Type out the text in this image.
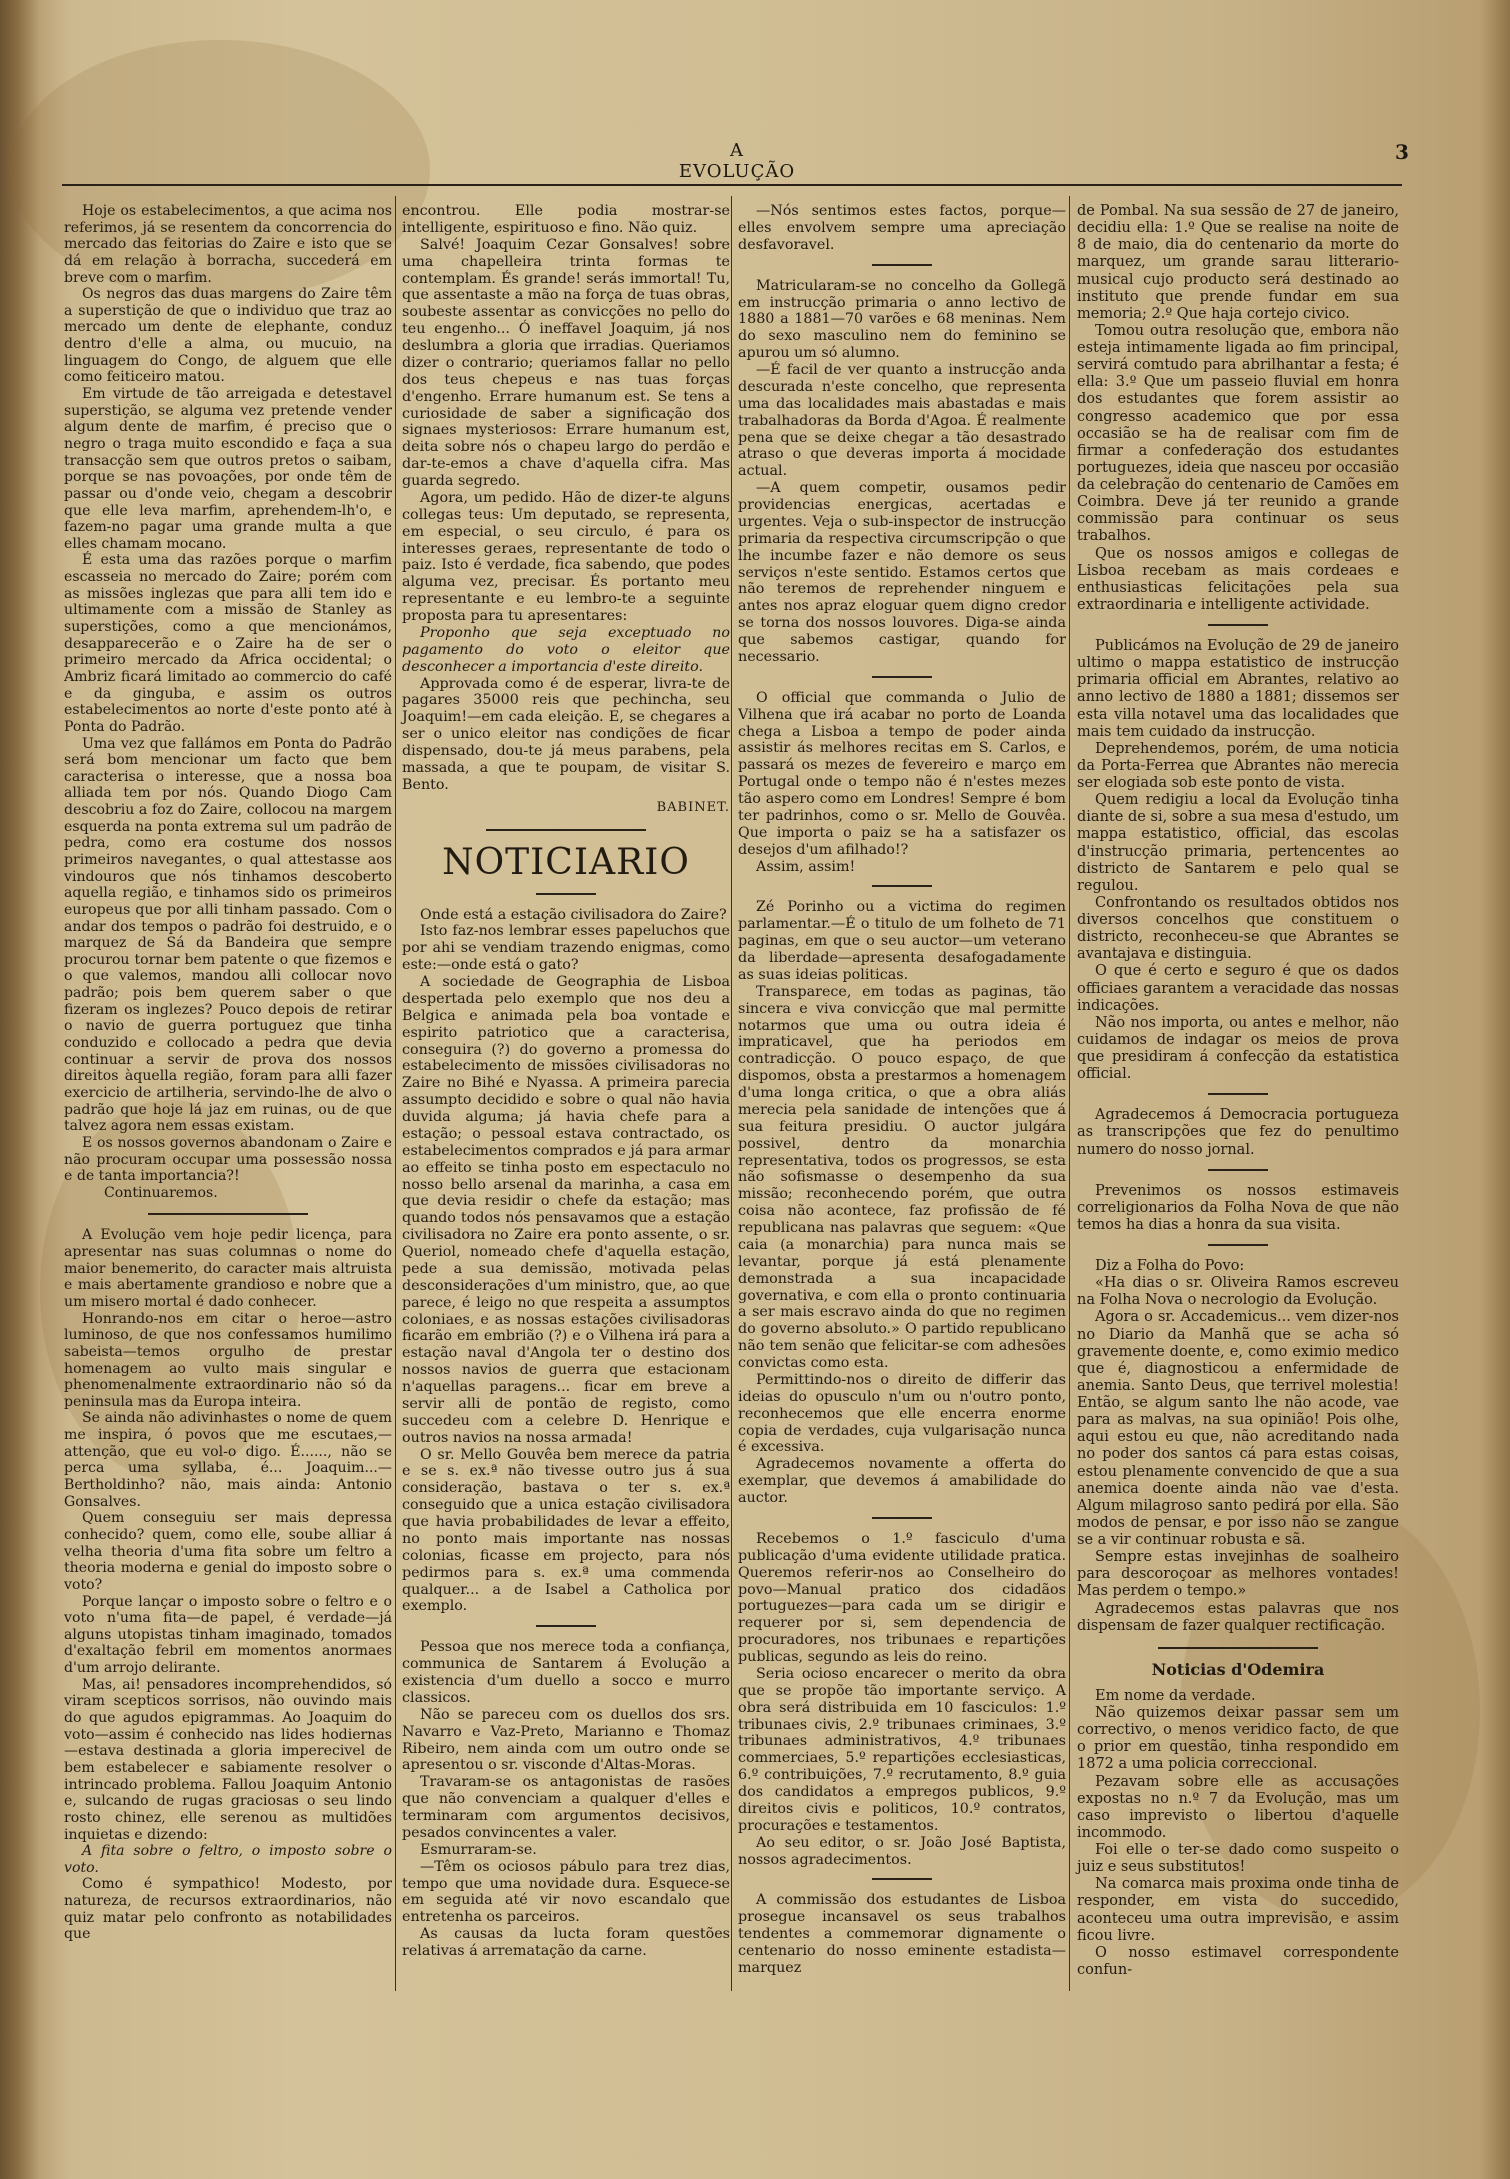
A EVOLUÇÃO
3

Hoje os estabelecimentos, a que acima nos referimos, já se resentem da concorrencia do mercado das feitorias do Zaire e isto que se dá em relação à borracha, succederá em breve com o marfim.

Os negros das duas margens do Zaire têm a superstição de que o individuo que traz ao mercado um dente de elephante, conduz dentro d'elle a alma, ou mucuio, na linguagem do Congo, de alguem que elle como feiticeiro matou.

Em virtude de tão arreigada e detestavel superstição, se alguma vez pretende vender algum dente de marfim, é preciso que o negro o traga muito escondido e faça a sua transacção sem que outros pretos o saibam, porque se nas povoações, por onde têm de passar ou d'onde veio, chegam a descobrir que elle leva marfim, aprehendem-lh'o, e fazem-no pagar uma grande multa a que elles chamam mocano.

É esta uma das razões porque o marfim escasseia no mercado do Zaire; porém com as missões inglezas que para alli tem ido e ultimamente com a missão de Stanley as superstições, como a que mencionámos, desapparecerão e o Zaire ha de ser o primeiro mercado da Africa occidental; o Ambriz ficará limitado ao commercio do café e da ginguba, e assim os outros estabelecimentos ao norte d'este ponto até à Ponta do Padrão.

Uma vez que fallámos em Ponta do Padrão será bom mencionar um facto que bem caracterisa o interesse, que a nossa boa alliada tem por nós. Quando Diogo Cam descobriu a foz do Zaire, collocou na margem esquerda na ponta extrema sul um padrão de pedra, como era costume dos nossos primeiros navegantes, o qual attestasse aos vindouros que nós tinhamos descoberto aquella região, e tinhamos sido os primeiros europeus que por alli tinham passado. Com o andar dos tempos o padrão foi destruido, e o marquez de Sá da Bandeira que sempre procurou tornar bem patente o que fizemos e o que valemos, mandou alli collocar novo padrão; pois bem querem saber o que fizeram os inglezes? Pouco depois de retirar o navio de guerra portuguez que tinha conduzido e collocado a pedra que devia continuar a servir de prova dos nossos direitos àquella região, foram para alli fazer exercicio de artilheria, servindo-lhe de alvo o padrão que hoje lá jaz em ruinas, ou de que talvez agora nem essas existam.

E os nossos governos abandonam o Zaire e não procuram occupar uma possessão nossa e de tanta importancia?!

Continuaremos.

A Evolução vem hoje pedir licença, para apresentar nas suas columnas o nome do maior benemerito, do caracter mais altruista e mais abertamente grandioso e nobre que a um misero mortal é dado conhecer.

Honrando-nos em citar o heroe—astro luminoso, de que nos confessamos humilimo sabeista—temos orgulho de prestar homenagem ao vulto mais singular e phenomenalmente extraordinario não só da peninsula mas da Europa inteira.

Se ainda não adivinhastes o nome de quem me inspira, ó povos que me escutaes,—attenção, que eu vol-o digo. É......, não se perca uma syllaba, é... Joaquim...—Bertholdinho? não, mais ainda: Antonio Gonsalves.

Quem conseguiu ser mais depressa conhecido? quem, como elle, soube alliar á velha theoria d'uma fita sobre um feltro a theoria moderna e genial do imposto sobre o voto?

Porque lançar o imposto sobre o feltro e o voto n'uma fita—de papel, é verdade—já alguns utopistas tinham imaginado, tomados d'exaltação febril em momentos anormaes d'um arrojo delirante.

Mas, ai! pensadores incomprehendidos, só viram scepticos sorrisos, não ouvindo mais do que agudos epigrammas. Ao Joaquim do voto—assim é conhecido nas lides hodiernas—estava destinada a gloria imperecivel de bem estabelecer e sabiamente resolver o intrincado problema. Fallou Joaquim Antonio e, sulcando de rugas graciosas o seu lindo rosto chinez, elle serenou as multidões inquietas e dizendo:

A fita sobre o feltro, o imposto sobre o voto.

Como é sympathico! Modesto, por natureza, de recursos extraordinarios, não quiz matar pelo confronto as notabilidades que

encontrou. Elle podia mostrar-se intelligente, espirituoso e fino. Não quiz.

Salvé! Joaquim Cezar Gonsalves! sobre uma chapelleira trinta formas te contemplam. És grande! serás immortal! Tu, que assentaste a mão na força de tuas obras, soubeste assentar as convicções no pello do teu engenho... Ó ineffavel Joaquim, já nos deslumbra a gloria que irradias. Queriamos dizer o contrario; queriamos fallar no pello dos teus chepeus e nas tuas forças d'engenho. Errare humanum est. Se tens a curiosidade de saber a significação dos signaes mysteriosos: Errare humanum est, deita sobre nós o chapeu largo do perdão e dar-te-emos a chave d'aquella cifra. Mas guarda segredo.

Agora, um pedido. Hão de dizer-te alguns collegas teus: Um deputado, se representa, em especial, o seu circulo, é para os interesses geraes, representante de todo o paiz. Isto é verdade, fica sabendo, que podes alguma vez, precisar. És portanto meu representante e eu lembro-te a seguinte proposta para tu apresentares:

Proponho que seja exceptuado no pagamento do voto o eleitor que desconhecer a importancia d'este direito.

Approvada como é de esperar, livra-te de pagares 35000 reis que pechincha, seu Joaquim!—em cada eleição. E, se chegares a ser o unico eleitor nas condições de ficar dispensado, dou-te já meus parabens, pela massada, a que te poupam, de visitar S. Bento.

BABINET.
NOTICIARIO

Onde está a estação civilisadora do Zaire?

Isto faz-nos lembrar esses papeluchos que por ahi se vendiam trazendo enigmas, como este:—onde está o gato?

A sociedade de Geographia de Lisboa despertada pelo exemplo que nos deu a Belgica e animada pela boa vontade e espirito patriotico que a caracterisa, conseguira (?) do governo a promessa do estabelecimento de missões civilisadoras no Zaire no Bihé e Nyassa. A primeira parecia assumpto decidido e sobre o qual não havia duvida alguma; já havia chefe para a estação; o pessoal estava contractado, os estabelecimentos comprados e já para armar ao effeito se tinha posto em espectaculo no nosso bello arsenal da marinha, a casa em que devia residir o chefe da estação; mas quando todos nós pensavamos que a estação civilisadora no Zaire era ponto assente, o sr. Queriol, nomeado chefe d'aquella estação, pede a sua demissão, motivada pelas desconsiderações d'um ministro, que, ao que parece, é leigo no que respeita a assumptos coloniaes, e as nossas estações civilisadoras ficarão em embrião (?) e o Vilhena irá para a estação naval d'Angola ter o destino dos nossos navios de guerra que estacionam n'aquellas paragens... ficar em breve a servir alli de pontão de registo, como succedeu com a celebre D. Henrique e outros navios na nossa armada!

O sr. Mello Gouvêa bem merece da patria e se s. ex.ª não tivesse outro jus á sua consideração, bastava o ter s. ex.ª conseguido que a unica estação civilisadora que havia probabilidades de levar a effeito, no ponto mais importante nas nossas colonias, ficasse em projecto, para nós pedirmos para s. ex.ª uma commenda qualquer... a de Isabel a Catholica por exemplo.

Pessoa que nos merece toda a confiança, communica de Santarem á Evolução a existencia d'um duello a socco e murro classicos.

Não se pareceu com os duellos dos srs. Navarro e Vaz-Preto, Marianno e Thomaz Ribeiro, nem ainda com um outro onde se apresentou o sr. visconde d'Altas-Moras.

Travaram-se os antagonistas de rasões que não convenciam a qualquer d'elles e terminaram com argumentos decisivos, pesados convincentes a valer.

Esmurraram-se.

—Têm os ociosos pábulo para trez dias, tempo que uma novidade dura. Esquece-se em seguida até vir novo escandalo que entretenha os parceiros.

As causas da lucta foram questões relativas á arrematação da carne.

—Nós sentimos estes factos, porque—elles envolvem sempre uma apreciação desfavoravel.

Matricularam-se no concelho da Gollegã em instrucção primaria o anno lectivo de 1880 a 1881—70 varões e 68 meninas. Nem do sexo masculino nem do feminino se apurou um só alumno.

—É facil de ver quanto a instrucção anda descurada n'este concelho, que representa uma das localidades mais abastadas e mais trabalhadoras da Borda d'Agoa. É realmente pena que se deixe chegar a tão desastrado atraso o que deveras importa á mocidade actual.

—A quem competir, ousamos pedir providencias energicas, acertadas e urgentes. Veja o sub-inspector de instrucção primaria da respectiva circumscripção o que lhe incumbe fazer e não demore os seus serviços n'este sentido. Estamos certos que não teremos de reprehender ninguem e antes nos apraz eloguar quem digno credor se torna dos nossos louvores. Diga-se ainda que sabemos castigar, quando for necessario.

O official que commanda o Julio de Vilhena que irá acabar no porto de Loanda chega a Lisboa a tempo de poder ainda assistir ás melhores recitas em S. Carlos, e passará os mezes de fevereiro e março em Portugal onde o tempo não é n'estes mezes tão aspero como em Londres! Sempre é bom ter padrinhos, como o sr. Mello de Gouvêa. Que importa o paiz se ha a satisfazer os desejos d'um afilhado!?

Assim, assim!

Zé Porinho ou a victima do regimen parlamentar.—É o titulo de um folheto de 71 paginas, em que o seu auctor—um veterano da liberdade—apresenta desafogadamente as suas ideias politicas.

Transparece, em todas as paginas, tão sincera e viva convicção que mal permitte notarmos que uma ou outra ideia é impraticavel, que ha periodos em contradicção. O pouco espaço, de que dispomos, obsta a prestarmos a homenagem d'uma longa critica, o que a obra aliás merecia pela sanidade de intenções que á sua feitura presidiu. O auctor julgára possivel, dentro da monarchia representativa, todos os progressos, se esta não sofismasse o desempenho da sua missão; reconhecendo porém, que outra coisa não acontece, faz profissão de fé republicana nas palavras que seguem: «Que caia (a monarchia) para nunca mais se levantar, porque já está plenamente demonstrada a sua incapacidade governativa, e com ella o pronto continuaria a ser mais escravo ainda do que no regimen do governo absoluto.» O partido republicano não tem senão que felicitar-se com adhesões convictas como esta.

Permittindo-nos o direito de differir das ideias do opusculo n'um ou n'outro ponto, reconhecemos que elle encerra enorme copia de verdades, cuja vulgarisação nunca é excessiva.

Agradecemos novamente a offerta do exemplar, que devemos á amabilidade do auctor.

Recebemos o 1.º fasciculo d'uma publicação d'uma evidente utilidade pratica. Queremos referir-nos ao Conselheiro do povo—Manual pratico dos cidadãos portuguezes—para cada um se dirigir e requerer por si, sem dependencia de procuradores, nos tribunaes e repartições publicas, segundo as leis do reino.

Seria ocioso encarecer o merito da obra que se propõe tão importante serviço. A obra será distribuida em 10 fasciculos: 1.º tribunaes civis, 2.º tribunaes criminaes, 3.º tribunaes administrativos, 4.º tribunaes commerciaes, 5.º repartições ecclesiasticas, 6.º contribuições, 7.º recrutamento, 8.º guia dos candidatos a empregos publicos, 9.º direitos civis e politicos, 10.º contratos, procurações e testamentos.

Ao seu editor, o sr. João José Baptista, nossos agradecimentos.

A commissão dos estudantes de Lisboa prosegue incansavel os seus trabalhos tendentes a commemorar dignamente o centenario do nosso eminente estadista—marquez

de Pombal. Na sua sessão de 27 de janeiro, decidiu ella: 1.º Que se realise na noite de 8 de maio, dia do centenario da morte do marquez, um grande sarau litterario-musical cujo producto será destinado ao instituto que prende fundar em sua memoria; 2.º Que haja cortejo civico.

Tomou outra resolução que, embora não esteja intimamente ligada ao fim principal, servirá comtudo para abrilhantar a festa; é ella: 3.º Que um passeio fluvial em honra dos estudantes que forem assistir ao congresso academico que por essa occasião se ha de realisar com fim de firmar a confederação dos estudantes portuguezes, ideia que nasceu por occasião da celebração do centenario de Camões em Coimbra. Deve já ter reunido a grande commissão para continuar os seus trabalhos.

Que os nossos amigos e collegas de Lisboa recebam as mais cordeaes e enthusiasticas felicitações pela sua extraordinaria e intelligente actividade.

Publicámos na Evolução de 29 de janeiro ultimo o mappa estatistico de instrucção primaria official em Abrantes, relativo ao anno lectivo de 1880 a 1881; dissemos ser esta villa notavel uma das localidades que mais tem cuidado da instrucção.

Deprehendemos, porém, de uma noticia da Porta-Ferrea que Abrantes não merecia ser elogiada sob este ponto de vista.

Quem redigiu a local da Evolução tinha diante de si, sobre a sua mesa d'estudo, um mappa estatistico, official, das escolas d'instrucção primaria, pertencentes ao districto de Santarem e pelo qual se regulou.

Confrontando os resultados obtidos nos diversos concelhos que constituem o districto, reconheceu-se que Abrantes se avantajava e distinguia.

O que é certo e seguro é que os dados officiaes garantem a veracidade das nossas indicações.

Não nos importa, ou antes e melhor, não cuidamos de indagar os meios de prova que presidiram á confecção da estatistica official.

Agradecemos á Democracia portugueza as transcripções que fez do penultimo numero do nosso jornal.

Prevenimos os nossos estimaveis correligionarios da Folha Nova de que não temos ha dias a honra da sua visita.

Diz a Folha do Povo:

«Ha dias o sr. Oliveira Ramos escreveu na Folha Nova o necrologio da Evolução.

Agora o sr. Accademicus... vem dizer-nos no Diario da Manhã que se acha só gravemente doente, e, como eximio medico que é, diagnosticou a enfermidade de anemia. Santo Deus, que terrivel molestia! Então, se algum santo lhe não acode, vae para as malvas, na sua opinião! Pois olhe, aqui estou eu que, não acreditando nada no poder dos santos cá para estas coisas, estou plenamente convencido de que a sua anemica doente ainda não vae d'esta. Algum milagroso santo pedirá por ella. São modos de pensar, e por isso não se zangue se a vir continuar robusta e sã.

Sempre estas invejinhas de soalheiro para descoroçoar as melhores vontades! Mas perdem o tempo.»

Agradecemos estas palavras que nos dispensam de fazer qualquer rectificação.

Noticias d'Odemira

Em nome da verdade.

Não quizemos deixar passar sem um correctivo, o menos veridico facto, de que o prior em questão, tinha respondido em 1872 a uma policia correccional.

Pezavam sobre elle as accusações expostas no n.º 7 da Evolução, mas um caso imprevisto o libertou d'aquelle incommodo.

Foi elle o ter-se dado como suspeito o juiz e seus substitutos!

Na comarca mais proxima onde tinha de responder, em vista do succedido, aconteceu uma outra imprevisão, e assim ficou livre.

O nosso estimavel correspondente confun-
